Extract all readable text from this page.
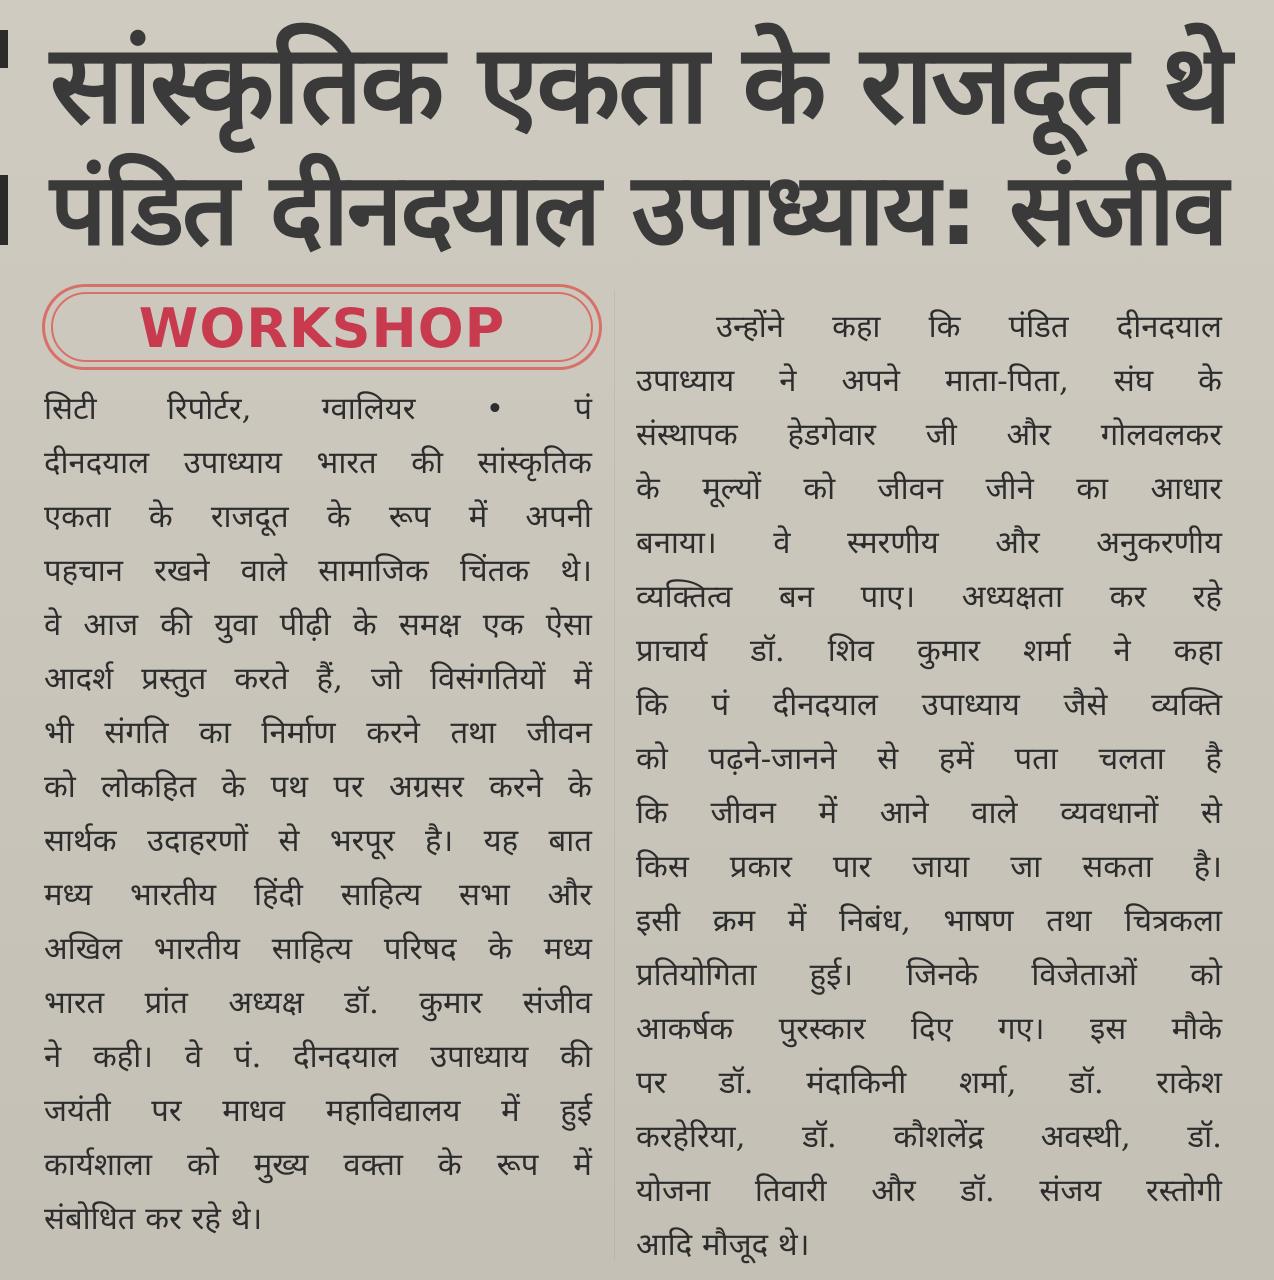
सांस्कृतिक एकता के राजदूत थे
पंडित दीनदयाल उपाध्याय: संजीव
WORKSHOP
सिटी रिपोर्टर, ग्वालियर • पं
दीनदयाल उपाध्याय भारत की सांस्कृतिक
एकता के राजदूत के रूप में अपनी
पहचान रखने वाले सामाजिक चिंतक थे।
वे आज की युवा पीढ़ी के समक्ष एक ऐसा
आदर्श प्रस्तुत करते हैं, जो विसंगतियों में
भी संगति का निर्माण करने तथा जीवन
को लोकहित के पथ पर अग्रसर करने के
सार्थक उदाहरणों से भरपूर है। यह बात
मध्य भारतीय हिंदी साहित्य सभा और
अखिल भारतीय साहित्य परिषद के मध्य
भारत प्रांत अध्यक्ष डॉ. कुमार संजीव
ने कही। वे पं. दीनदयाल उपाध्याय की
जयंती पर माधव महाविद्यालय में हुई
कार्यशाला को मुख्य वक्ता के रूप में
संबोधित कर रहे थे।
उन्होंने कहा कि पंडित दीनदयाल
उपाध्याय ने अपने माता-पिता, संघ के
संस्थापक हेडगेवार जी और गोलवलकर
के मूल्यों को जीवन जीने का आधार
बनाया। वे स्मरणीय और अनुकरणीय
व्यक्तित्व बन पाए। अध्यक्षता कर रहे
प्राचार्य डॉ. शिव कुमार शर्मा ने कहा
कि पं दीनदयाल उपाध्याय जैसे व्यक्ति
को पढ़ने-जानने से हमें पता चलता है
कि जीवन में आने वाले व्यवधानों से
किस प्रकार पार जाया जा सकता है।
इसी क्रम में निबंध, भाषण तथा चित्रकला
प्रतियोगिता हुई। जिनके विजेताओं को
आकर्षक पुरस्कार दिए गए। इस मौके
पर डॉ. मंदाकिनी शर्मा, डॉ. राकेश
करहेरिया, डॉ. कौशलेंद्र अवस्थी, डॉ.
योजना तिवारी और डॉ. संजय रस्तोगी
आदि मौजूद थे।
